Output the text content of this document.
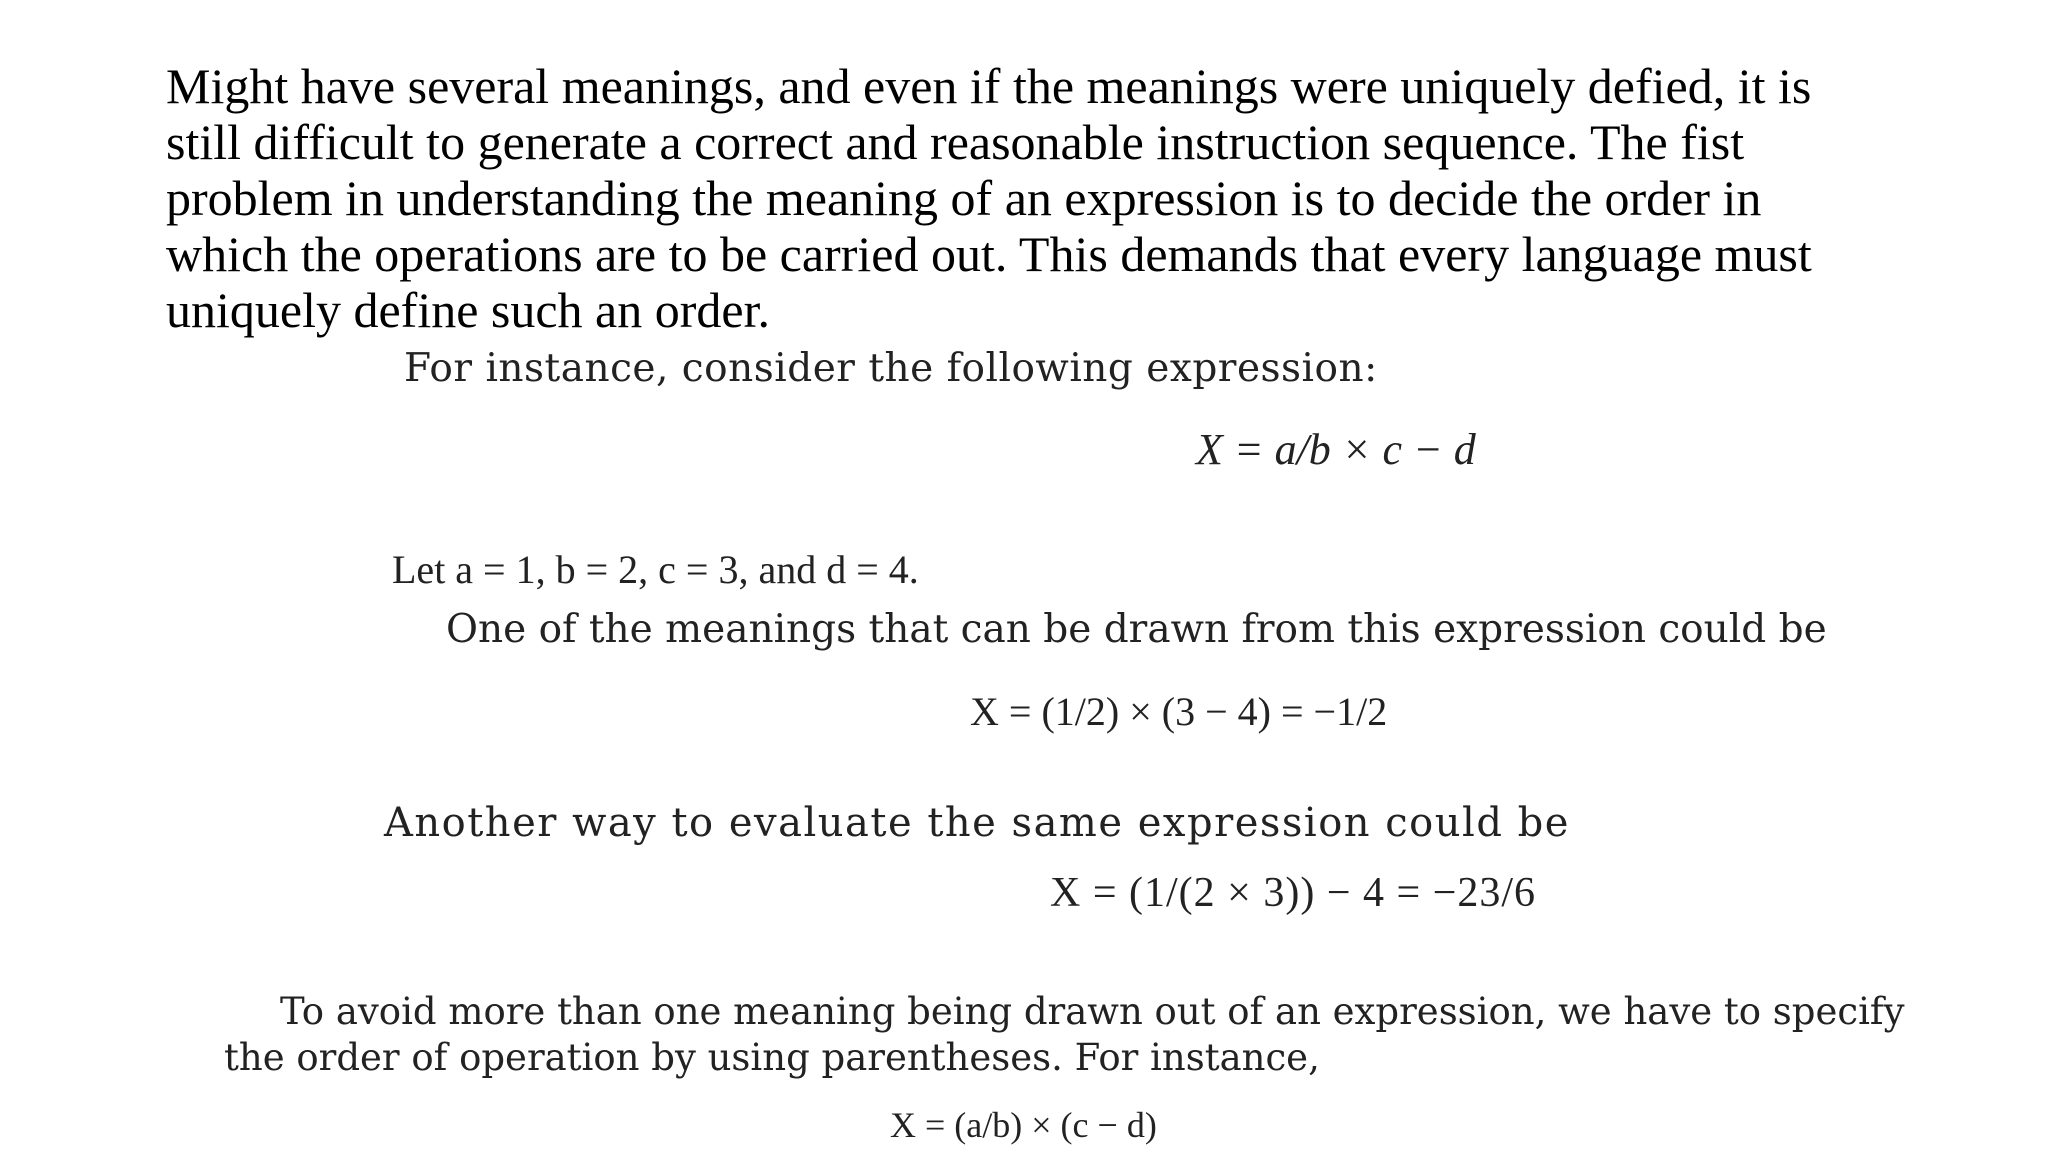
Might have several meanings, and even if the meanings were uniquely defied, it is
still difficult to generate a correct and reasonable instruction sequence. The fist
problem in understanding the meaning of an expression is to decide the order in
which the operations are to be carried out. This demands that every language must
uniquely define such an order.

For instance, consider the following expression:

X = a/b × c − d

Let a = 1, b = 2, c = 3, and d = 4.

One of the meanings that can be drawn from this expression could be

X = (1/2) × (3 − 4) = −1/2

Another way to evaluate the same expression could be

X = (1/(2 × 3)) − 4 = −23/6

To avoid more than one meaning being drawn out of an expression, we have to specify

the order of operation by using parentheses. For instance,

X = (a/b) × (c − d)
